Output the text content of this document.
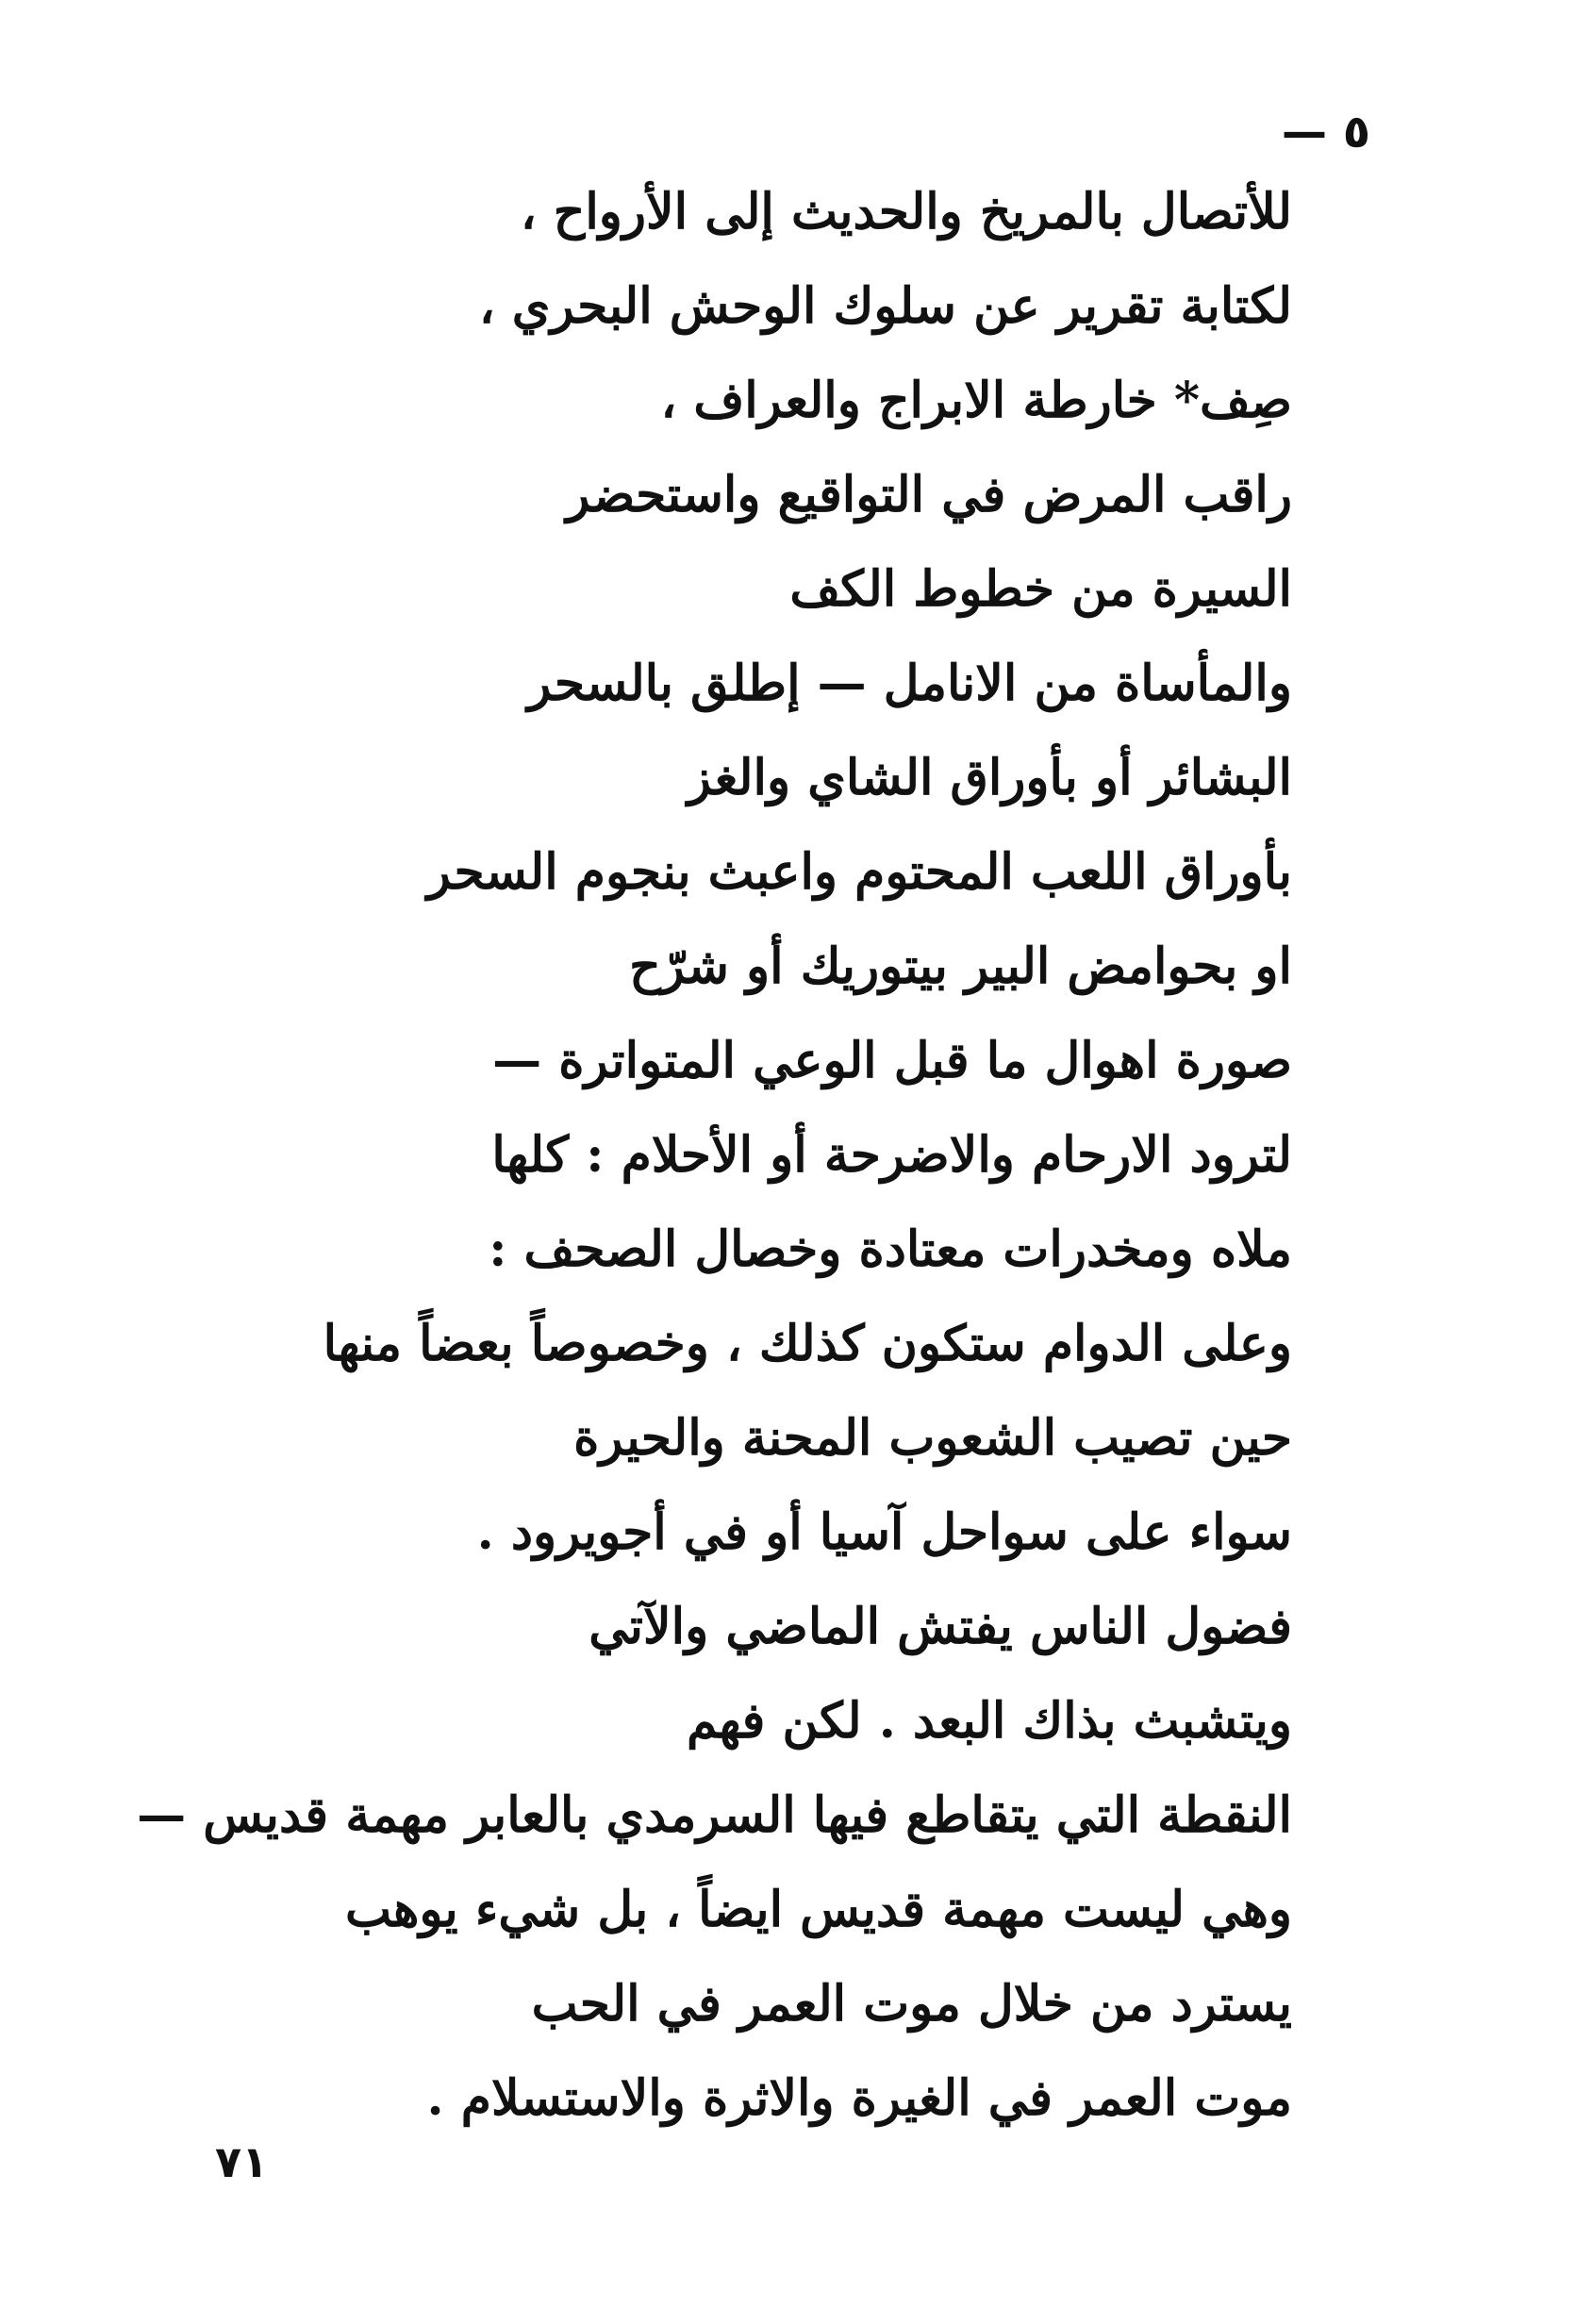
٥ —
للأتصال بالمريخ والحديث إلى الأرواح ،
لكتابة تقرير عن سلوك الوحش البحري ،
صِف* خارطة الابراج والعراف ،
راقب المرض في التواقيع واستحضر
السيرة من خطوط الكف
والمأساة من الانامل — إطلق بالسحر
البشائر أو بأوراق الشاي والغز
بأوراق اللعب المحتوم واعبث بنجوم السحر
او بحوامض البير بيتوريك أو شرّح
صورة اهوال ما قبل الوعي المتواترة —
لترود الارحام والاضرحة أو الأحلام : كلها
ملاه ومخدرات معتادة وخصال الصحف :
وعلى الدوام ستكون كذلك ، وخصوصاً بعضاً منها
حين تصيب الشعوب المحنة والحيرة
سواء على سواحل آسيا أو في أجويرود .
فضول الناس يفتش الماضي والآتي
ويتشبث بذاك البعد . لكن فهم
النقطة التي يتقاطع فيها السرمدي بالعابر مهمة قديس —
وهي ليست مهمة قديس ايضاً ، بل شيء يوهب
يسترد من خلال موت العمر في الحب
موت العمر في الغيرة والاثرة والاستسلام .
٧١
